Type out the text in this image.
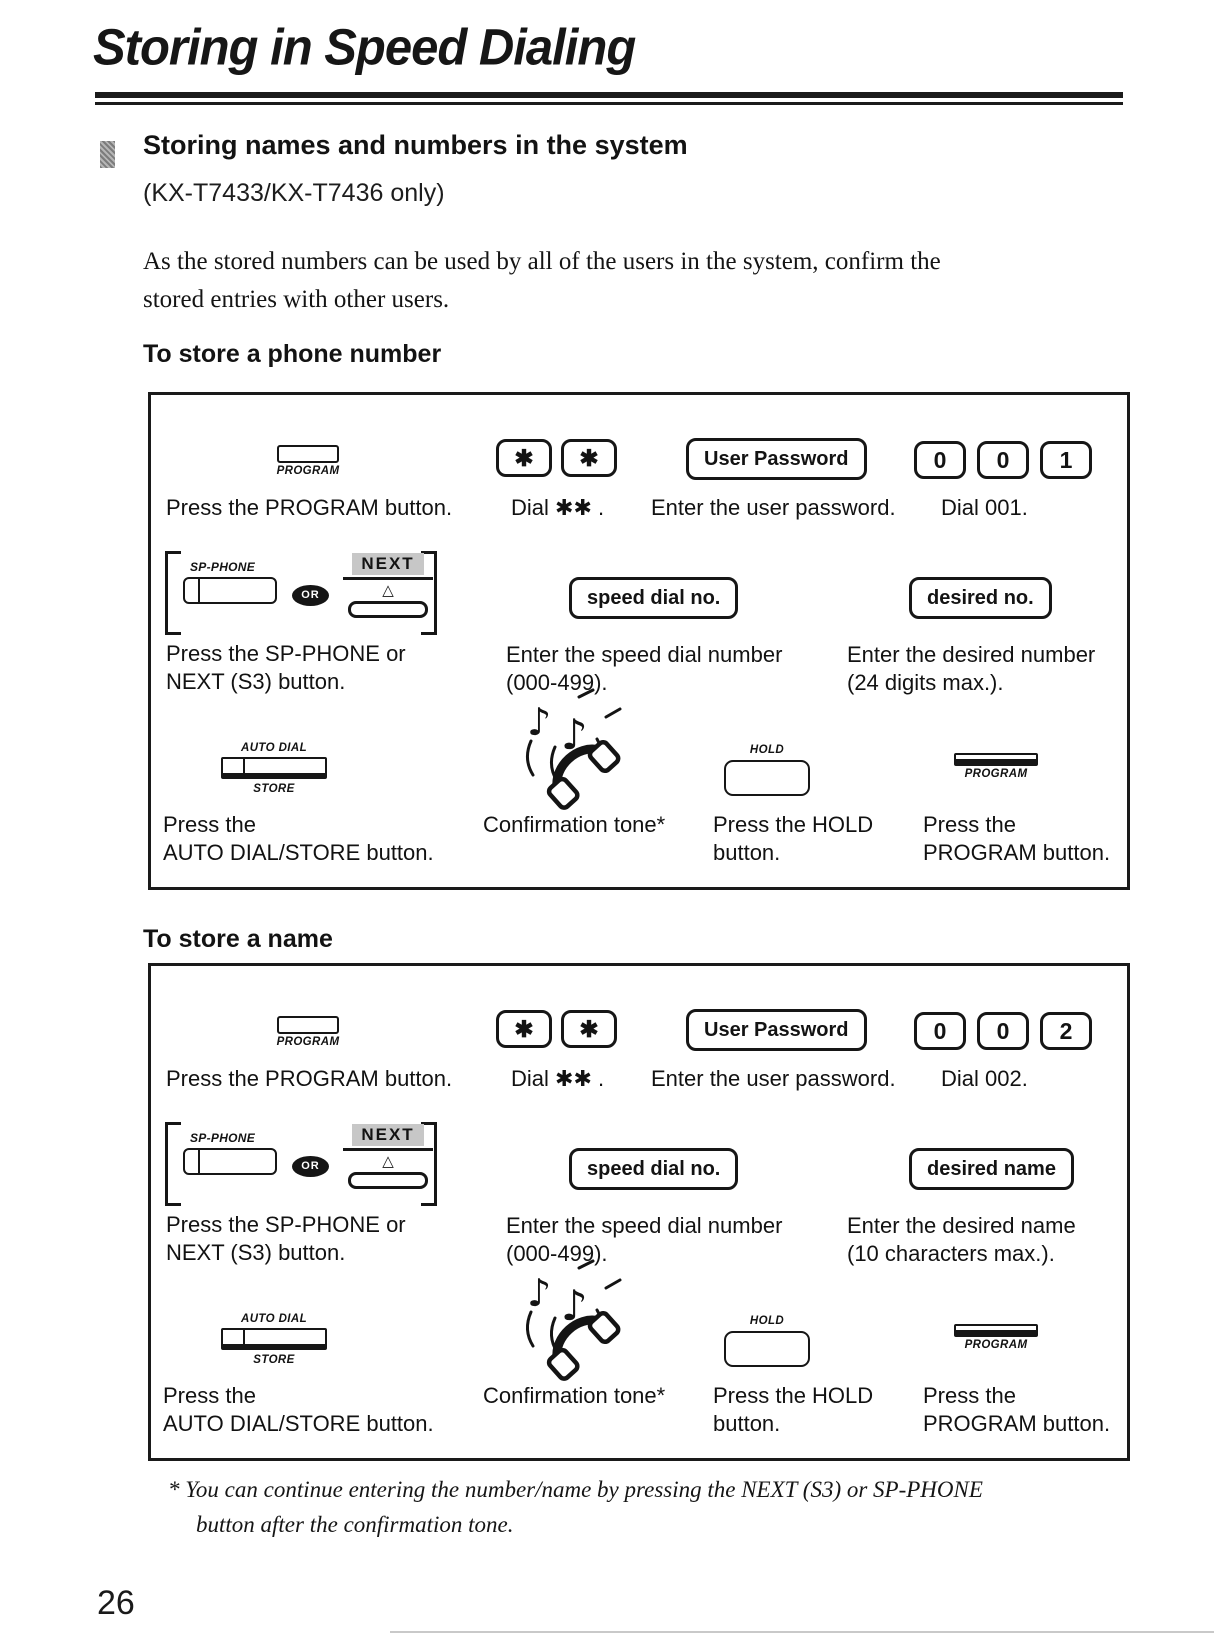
Storing in Speed Dialing
Storing names and numbers in the system
(KX-T7433/KX-T7436 only)
As the stored numbers can be used by all of the users in the system, confirm the
stored entries with other users.
To store a phone number
PROGRAM
✱	✱	User Password	0	0	1
Press the PROGRAM button.	Dial ✱✱ . Enter the user password. Dial 001.
SP-PHONE
OR
NEXT
△
Press the SP-PHONE or
NEXT (S3) button.
speed dial no.
Enter the speed dial number
(000-499).
desired no.
Enter the desired number
(24 digits max.).
AUTO DIAL
STORE
♪ ♪	HOLD
PROGRAM
Press the
AUTO DIAL/STORE button.
Confirmation tone* Press the HOLD
button.
Press the
PROGRAM button.
To store a name
PROGRAM
✱	✱	User Password	0	0	2
Press the PROGRAM button.	Dial ✱✱ . Enter the user password. Dial 002.
SP-PHONE
OR
NEXT
△
Press the SP-PHONE or
NEXT (S3) button.
speed dial no.
Enter the speed dial number
(000-499).
desired name
Enter the desired name
(10 characters max.).
AUTO DIAL
STORE
♪ ♪	HOLD
PROGRAM
Press the
AUTO DIAL/STORE button.
Confirmation tone* Press the HOLD
button.
Press the
PROGRAM button.
* You can continue entering the number/name by pressing the NEXT (S3) or SP-PHONE
button after the confirmation tone.
26
